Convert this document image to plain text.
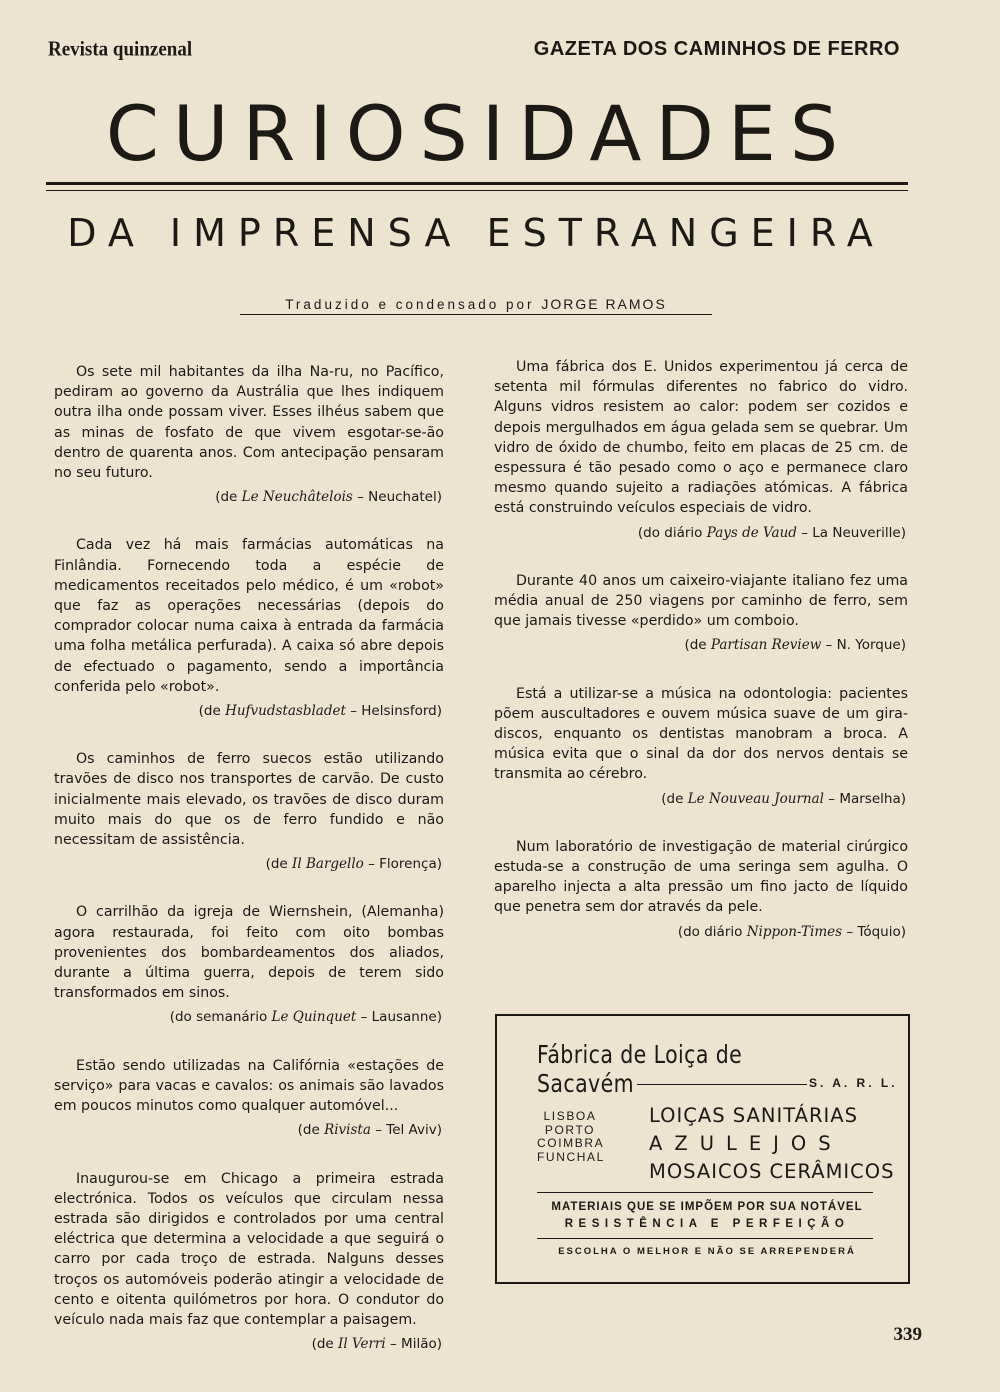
Revista quinzenal	GAZETA DOS CAMINHOS DE FERRO
CURIOSIDADES
DA IMPRENSA ESTRANGEIRA
Traduzido e condensado por JORGE RAMOS

Os sete mil habitantes da ilha Na-ru, no Pacífico, pediram ao governo da Austrália que lhes indiquem outra ilha onde possam viver. Esses ilhéus sabem que as minas de fosfato de que vivem esgotar-se-ão dentro de quarenta anos. Com antecipação pensaram no seu futuro.

(de Le Neuchâtelois – Neuchatel)

Cada vez há mais farmácias automáticas na Finlândia. Fornecendo toda a espécie de medicamentos receitados pelo médico, é um «robot» que faz as operações necessárias (depois do comprador colocar numa caixa à entrada da farmácia uma folha metálica perfurada). A caixa só abre depois de efectuado o pagamento, sendo a importância conferida pelo «robot».

(de Hufvudstasbladet – Helsinsford)

Os caminhos de ferro suecos estão utilizando travões de disco nos transportes de carvão. De custo inicialmente mais elevado, os travões de disco duram muito mais do que os de ferro fundido e não necessitam de assistência.

(de Il Bargello – Florença)

O carrilhão da igreja de Wiernshein, (Alemanha) agora restaurada, foi feito com oito bombas provenientes dos bombardeamentos dos aliados, durante a última guerra, depois de terem sido transformados em sinos.

(do semanário Le Quinquet – Lausanne)

Estão sendo utilizadas na Califórnia «estações de serviço» para vacas e cavalos: os animais são lavados em poucos minutos como qualquer automóvel...

(de Rivista – Tel Aviv)

Inaugurou-se em Chicago a primeira estrada electrónica. Todos os veículos que circulam nessa estrada são dirigidos e controlados por uma central eléctrica que determina a velocidade a que seguirá o carro por cada troço de estrada. Nalguns desses troços os automóveis poderão atingir a velocidade de cento e oitenta quilómetros por hora. O condutor do veículo nada mais faz que contemplar a paisagem.

(de Il Verri – Milão)

Uma fábrica dos E. Unidos experimentou já cerca de setenta mil fórmulas diferentes no fabrico do vidro. Alguns vidros resistem ao calor: podem ser cozidos e depois mergulhados em água gelada sem se quebrar. Um vidro de óxido de chumbo, feito em placas de 25 cm. de espessura é tão pesado como o aço e permanece claro mesmo quando sujeito a radiações atómicas. A fábrica está construindo veículos especiais de vidro.

(do diário Pays de Vaud – La Neuverille)

Durante 40 anos um caixeiro-viajante italiano fez uma média anual de 250 viagens por caminho de ferro, sem que jamais tivesse «perdido» um comboio.

(de Partisan Review – N. Yorque)

Está a utilizar-se a música na odontologia: pacientes põem auscultadores e ouvem música suave de um gira-discos, enquanto os dentistas manobram a broca. A música evita que o sinal da dor dos nervos dentais se transmita ao cérebro.

(de Le Nouveau Journal – Marselha)

Num laboratório de investigação de material cirúrgico estuda-se a construção de uma seringa sem agulha. O aparelho injecta a alta pressão um fino jacto de líquido que penetra sem dor através da pele.

(do diário Nippon-Times – Tóquio)
Fábrica de Loiça de Sacavém	S. A. R. L.
LISBOA
PORTO
COIMBRA
FUNCHAL
LOIÇAS SANITÁRIAS
AZULEJOS
MOSAICOS CERÂMICOS
MATERIAIS QUE SE IMPÕEM POR SUA NOTÁVEL
RESISTÊNCIA E PERFEIÇÃO
ESCOLHA O MELHOR E NÃO SE ARREPENDERÁ
339
